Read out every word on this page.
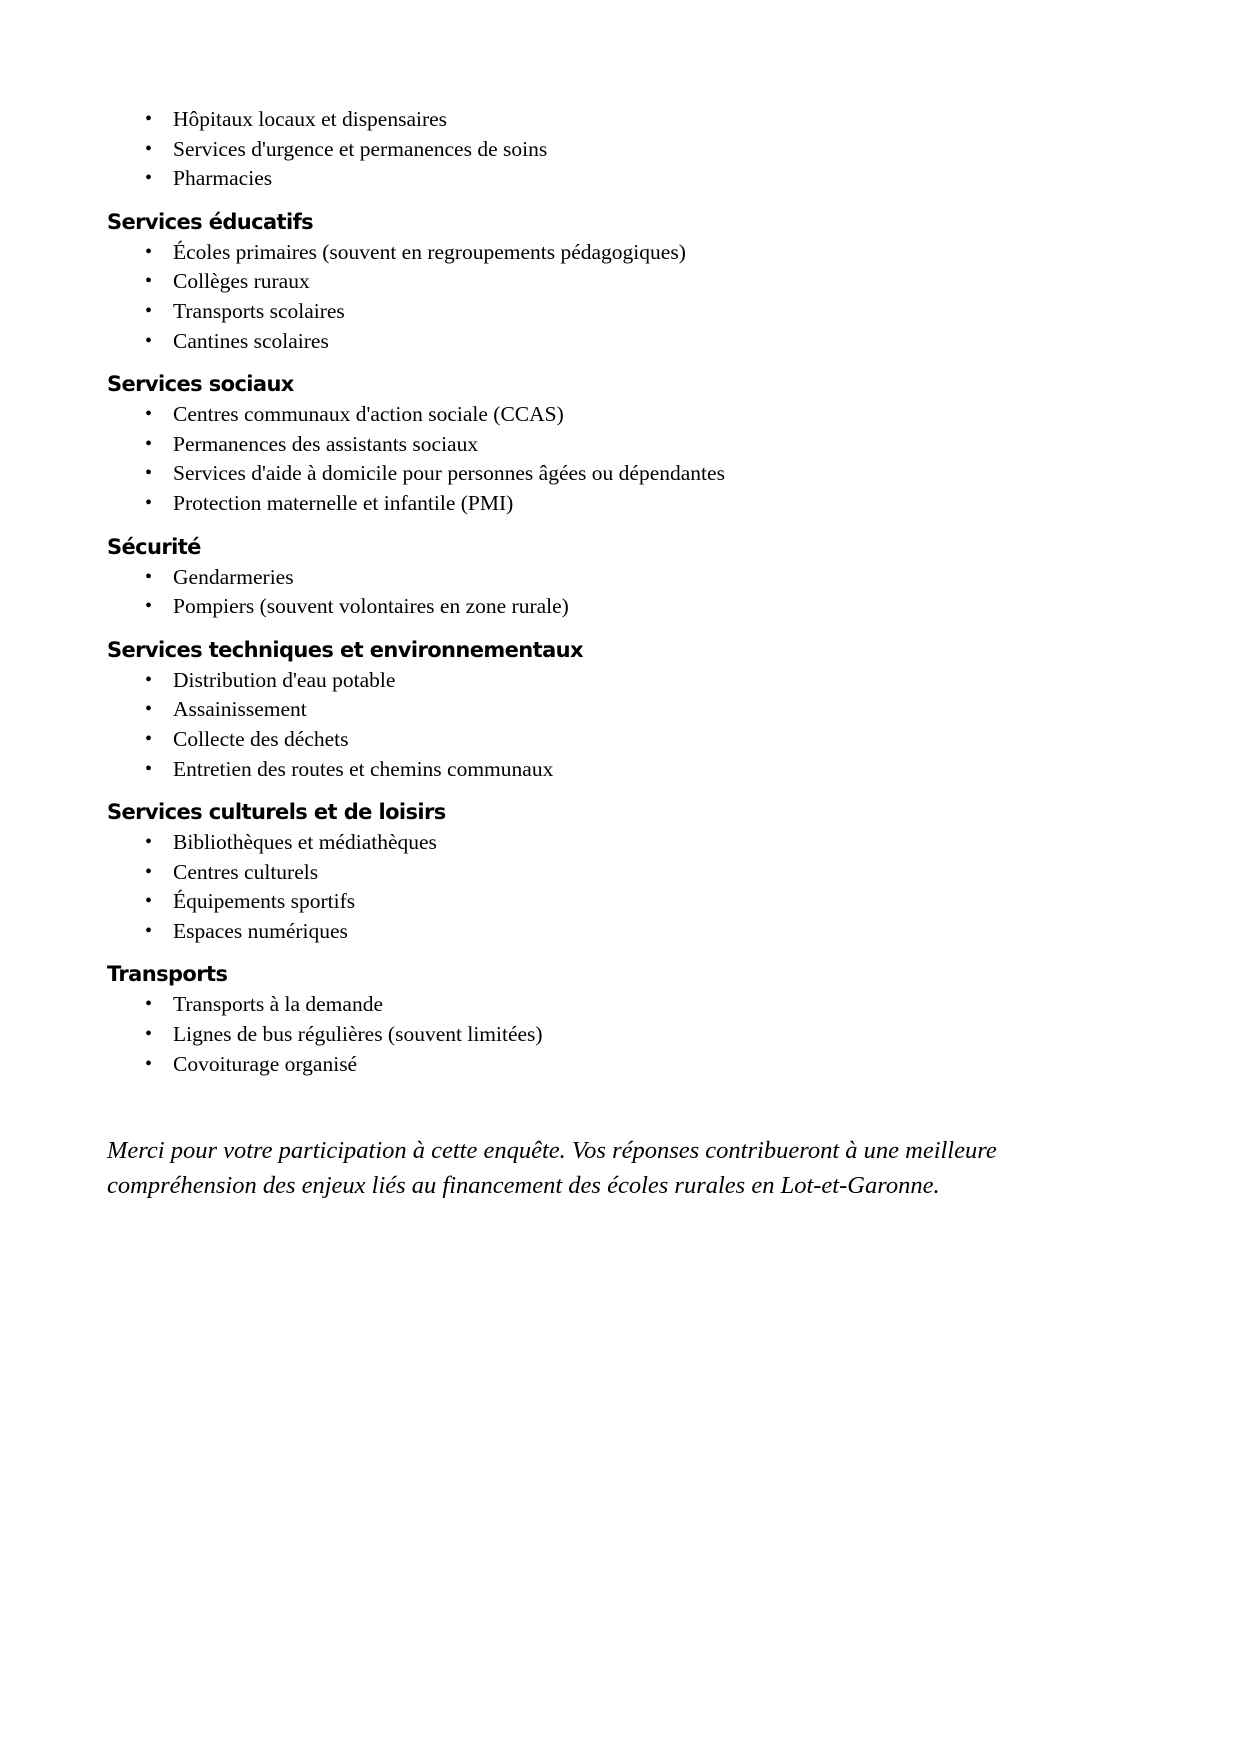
• Hôpitaux locaux et dispensaires
• Services d'urgence et permanences de soins
• Pharmacies
Services éducatifs
• Écoles primaires (souvent en regroupements pédagogiques)
• Collèges ruraux
• Transports scolaires
• Cantines scolaires
Services sociaux
• Centres communaux d'action sociale (CCAS)
• Permanences des assistants sociaux
• Services d'aide à domicile pour personnes âgées ou dépendantes
• Protection maternelle et infantile (PMI)
Sécurité
• Gendarmeries
• Pompiers (souvent volontaires en zone rurale)
Services techniques et environnementaux
• Distribution d'eau potable
• Assainissement
• Collecte des déchets
• Entretien des routes et chemins communaux
Services culturels et de loisirs
• Bibliothèques et médiathèques
• Centres culturels
• Équipements sportifs
• Espaces numériques
Transports
• Transports à la demande
• Lignes de bus régulières (souvent limitées)
• Covoiturage organisé

Merci pour votre participation à cette enquête. Vos réponses contribueront à une meilleure compréhension des enjeux liés au financement des écoles rurales en Lot-et-Garonne.
